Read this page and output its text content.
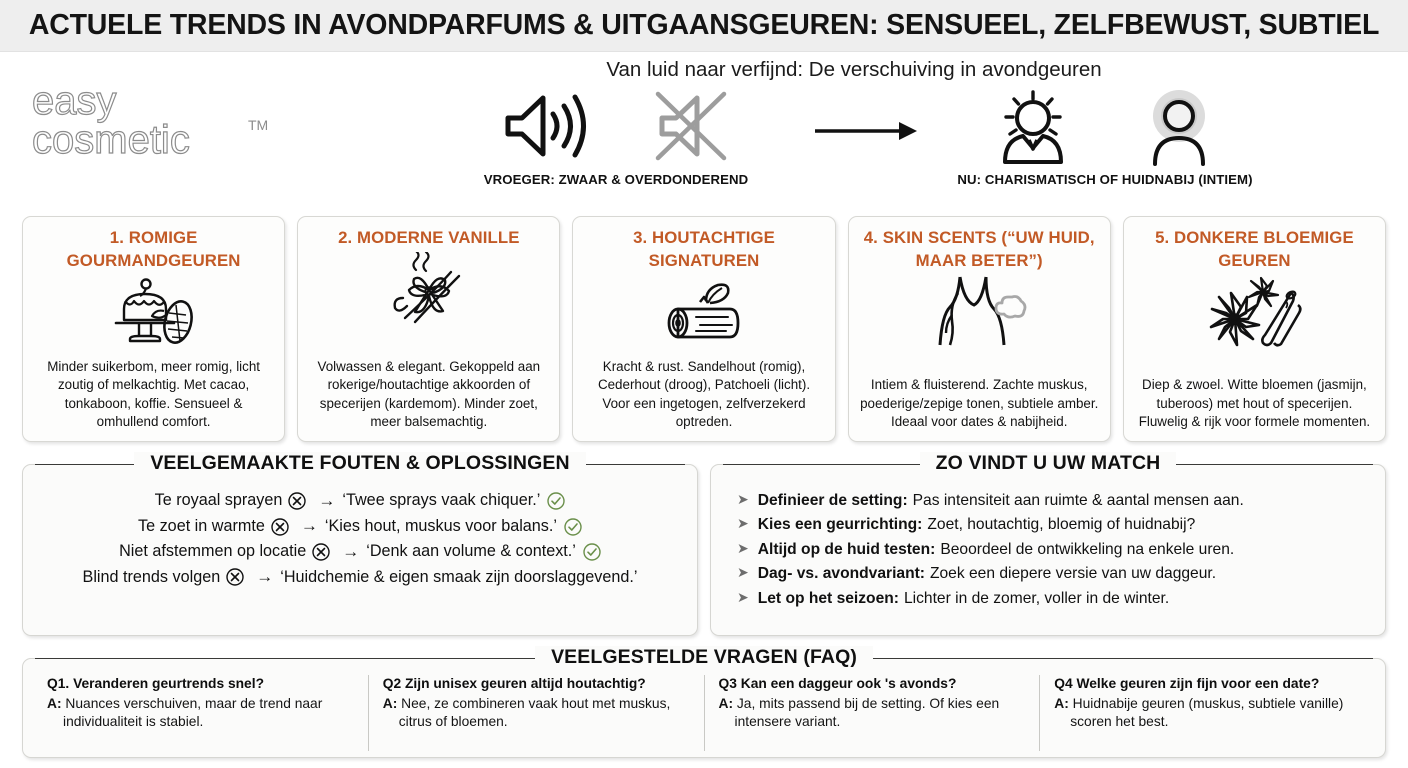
ACTUELE TRENDS IN AVONDPARFUMS & UITGAANSGEUREN: SENSUEEL, ZELFBEWUST, SUBTIEL
easy
cosmetic	TM
Van luid naar verfijnd: De verschuiving in avondgeuren
VROEGER: ZWAAR & OVERDONDEREND	NU: CHARISMATISCH OF HUIDNABIJ (INTIEM)
1. ROMIGE GOURMANDGEUREN
Minder suikerbom, meer romig, licht zoutig of melkachtig. Met cacao, tonkaboon, koffie. Sensueel & omhullend comfort.
2. MODERNE VANILLE
Volwassen & elegant. Gekoppeld aan rokerige/houtachtige akkoorden of specerijen (kardemom). Minder zoet, meer balsemachtig.
3. HOUTACHTIGE SIGNATUREN
Kracht & rust. Sandelhout (romig), Cederhout (droog), Patchoeli (licht). Voor een ingetogen, zelfverzekerd optreden.
4. SKIN SCENTS (“UW HUID, MAAR BETER”)
Intiem & fluisterend. Zachte muskus, poederige/zepige tonen, subtiele amber. Ideaal voor dates & nabijheid.
5. DONKERE BLOEMIGE GEUREN
Diep & zwoel. Witte bloemen (jasmijn, tuberoos) met hout of specerijen. Fluwelig & rijk voor formele momenten.
VEELGEMAAKTE FOUTEN & OPLOSSINGEN
Te royaal sprayen → ‘Twee sprays vaak chiquer.’
Te zoet in warmte → ‘Kies hout, muskus voor balans.’
Niet afstemmen op locatie → ‘Denk aan volume & context.’
Blind trends volgen → ‘Huidchemie & eigen smaak zijn doorslaggevend.’
ZO VINDT U UW MATCH
➤ Definieer de setting: Pas intensiteit aan ruimte & aantal mensen aan.
➤ Kies een geurrichting: Zoet, houtachtig, bloemig of huidnabij?
➤ Altijd op de huid testen: Beoordeel de ontwikkeling na enkele uren.
➤ Dag- vs. avondvariant: Zoek een diepere versie van uw daggeur.
➤ Let op het seizoen: Lichter in de zomer, voller in de winter.
VEELGESTELDE VRAGEN (FAQ)
Q1. Veranderen geurtrends snel?
A: Nuances verschuiven, maar de trend naar individualiteit is stabiel.
Q2 Zijn unisex geuren altijd houtachtig?
A: Nee, ze combineren vaak hout met muskus, citrus of bloemen.
Q3 Kan een daggeur ook 's avonds?
A: Ja, mits passend bij de setting. Of kies een intensere variant.
Q4 Welke geuren zijn fijn voor een date?
A: Huidnabije geuren (muskus, subtiele vanille) scoren het best.
